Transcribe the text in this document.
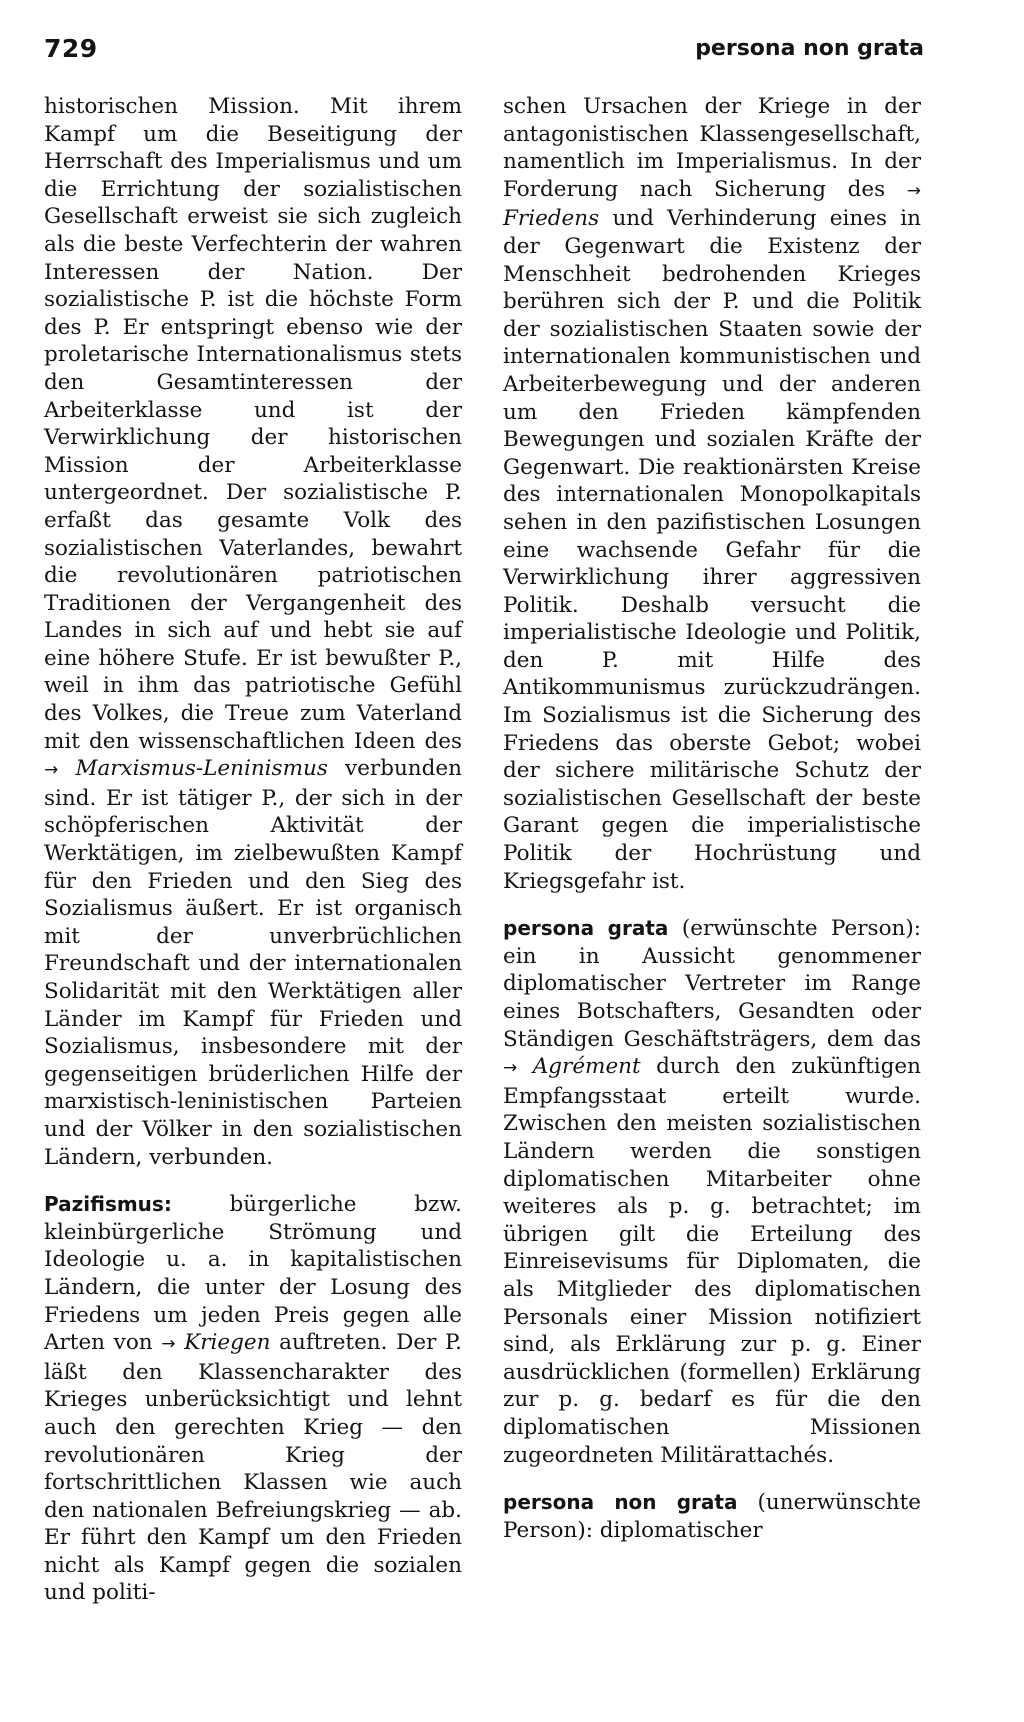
729	persona non grata

historischen Mission. Mit ihrem Kampf um die Beseitigung der Herrschaft des Imperialismus und um die Errichtung der sozialistischen Gesellschaft erweist sie sich zugleich als die beste Verfechterin der wahren Interessen der Nation. Der sozialistische P. ist die höchste Form des P. Er entspringt ebenso wie der proletarische Internationalismus stets den Gesamtinteressen der Arbeiterklasse und ist der Verwirklichung der historischen Mission der Arbeiterklasse untergeordnet. Der sozialistische P. erfaßt das gesamte Volk des sozialistischen Vaterlandes, bewahrt die revolutionären patriotischen Traditionen der Vergangenheit des Landes in sich auf und hebt sie auf eine höhere Stufe. Er ist bewußter P., weil in ihm das patriotische Gefühl des Volkes, die Treue zum Vaterland mit den wissenschaftlichen Ideen des → Marxismus-Leninismus verbunden sind. Er ist tätiger P., der sich in der schöpferischen Aktivität der Werktätigen, im zielbewußten Kampf für den Frieden und den Sieg des Sozialismus äußert. Er ist organisch mit der unverbrüchlichen Freundschaft und der internationalen Solidarität mit den Werktätigen aller Länder im Kampf für Frieden und Sozialismus, insbesondere mit der gegenseitigen brüderlichen Hilfe der marxistisch-leninistischen Parteien und der Völker in den sozialistischen Ländern, verbunden.

Pazifismus: bürgerliche bzw. kleinbürgerliche Strömung und Ideologie u. a. in kapitalistischen Ländern, die unter der Losung des Friedens um jeden Preis gegen alle Arten von → Kriegen auftreten. Der P. läßt den Klassencharakter des Krieges unberücksichtigt und lehnt auch den gerechten Krieg — den revolutionären Krieg der fortschrittlichen Klassen wie auch den nationalen Befreiungskrieg — ab. Er führt den Kampf um den Frieden nicht als Kampf gegen die sozialen und politi-

schen Ursachen der Kriege in der antagonistischen Klassengesellschaft, namentlich im Imperialismus. In der Forderung nach Sicherung des → Friedens und Verhinderung eines in der Gegenwart die Existenz der Menschheit bedrohenden Krieges berühren sich der P. und die Politik der sozialistischen Staaten sowie der internationalen kommunistischen und Arbeiterbewegung und der anderen um den Frieden kämpfenden Bewegungen und sozialen Kräfte der Gegenwart. Die reaktionärsten Kreise des internationalen Monopolkapitals sehen in den pazifistischen Losungen eine wachsende Gefahr für die Verwirklichung ihrer aggressiven Politik. Deshalb versucht die imperialistische Ideologie und Politik, den P. mit Hilfe des Antikommunismus zurückzudrängen. Im Sozialismus ist die Sicherung des Friedens das oberste Gebot; wobei der sichere militärische Schutz der sozialistischen Gesellschaft der beste Garant gegen die imperialistische Politik der Hochrüstung und Kriegsgefahr ist.

persona grata (erwünschte Person): ein in Aussicht genommener diplomatischer Vertreter im Range eines Botschafters, Gesandten oder Ständigen Geschäftsträgers, dem das → Agrément durch den zukünftigen Empfangsstaat erteilt wurde. Zwischen den meisten sozialistischen Ländern werden die sonstigen diplomatischen Mitarbeiter ohne weiteres als p. g. betrachtet; im übrigen gilt die Erteilung des Einreisevisums für Diplomaten, die als Mitglieder des diplomatischen Personals einer Mission notifiziert sind, als Erklärung zur p. g. Einer ausdrücklichen (formellen) Erklärung zur p. g. bedarf es für die den diplomatischen Missionen zugeordneten Militärattachés.

persona non grata (unerwünschte Person): diplomatischer
